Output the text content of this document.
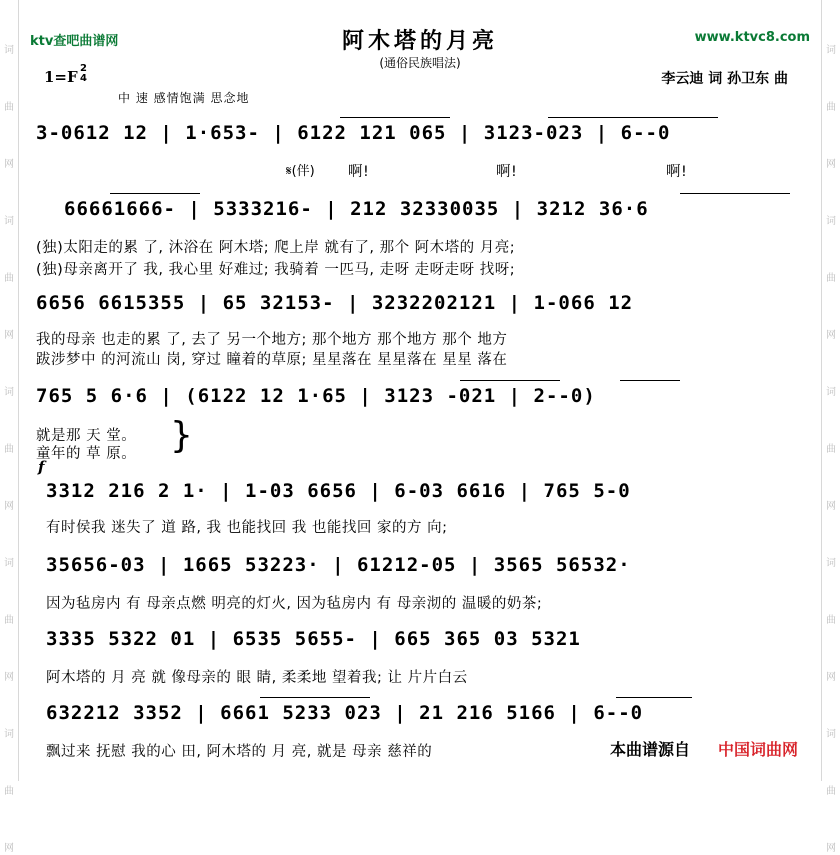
词
曲
网
词
曲
网
词
曲
网
词
曲
网
词
曲
网
词
曲
网
词
曲
网
词
曲
网
词
曲
网
词
曲
网
ktv查吧曲谱网	www.ktvc8.com
阿木塔的月亮
(通俗民族唱法)
1=F 2
4	李云迪 词 孙卫东 曲
中 速 感情饱满 思念地
3-0612 12 | 1·653- | 6122 121 065 | 3123-023 | 6--0
𝄋(伴) 啊!	啊!	啊!
66661666- | 5333216- | 212 32330035 | 3212 36·6
(独)太阳走的累 了, 沐浴在 阿木塔; 爬上岸 就有了, 那个 阿木塔的 月亮;
(独)母亲离开了 我, 我心里 好难过; 我骑着 一匹马, 走呀 走呀走呀 找呀;
6656 6615355 | 65 32153- | 3232202121 | 1-066 12
我的母亲 也走的累 了, 去了 另一个地方; 那个地方 那个地方 那个 地方
跋涉梦中 的河流山 岗, 穿过 瞳着的草原; 星星落在 星星落在 星星 落在
765 5 6·6 | (6122 12 1·65 | 3123 -021 | 2--0)
就是那 天 堂。
童年的 草 原。 }
f
3312 216 2 1· | 1-03 6656 | 6-03 6616 | 765 5-0
有时侯我 迷失了 道 路, 我 也能找回 我 也能找回 家的方 向;
35656-03 | 1665 53223· | 61212-05 | 3565 56532·
因为毡房内 有 母亲点燃 明亮的灯火, 因为毡房内 有 母亲沏的 温暖的奶茶;
3335 5322 01 | 6535 5655- | 665 365 03 5321
阿木塔的 月 亮 就 像母亲的 眼 睛, 柔柔地 望着我; 让 片片白云
632212 3352 | 6661 5233 023 | 21 216 5166 | 6--0
飘过来 抚慰 我的心 田, 阿木塔的 月 亮, 就是 母亲 慈祥的	本曲谱源自 中国词曲网
